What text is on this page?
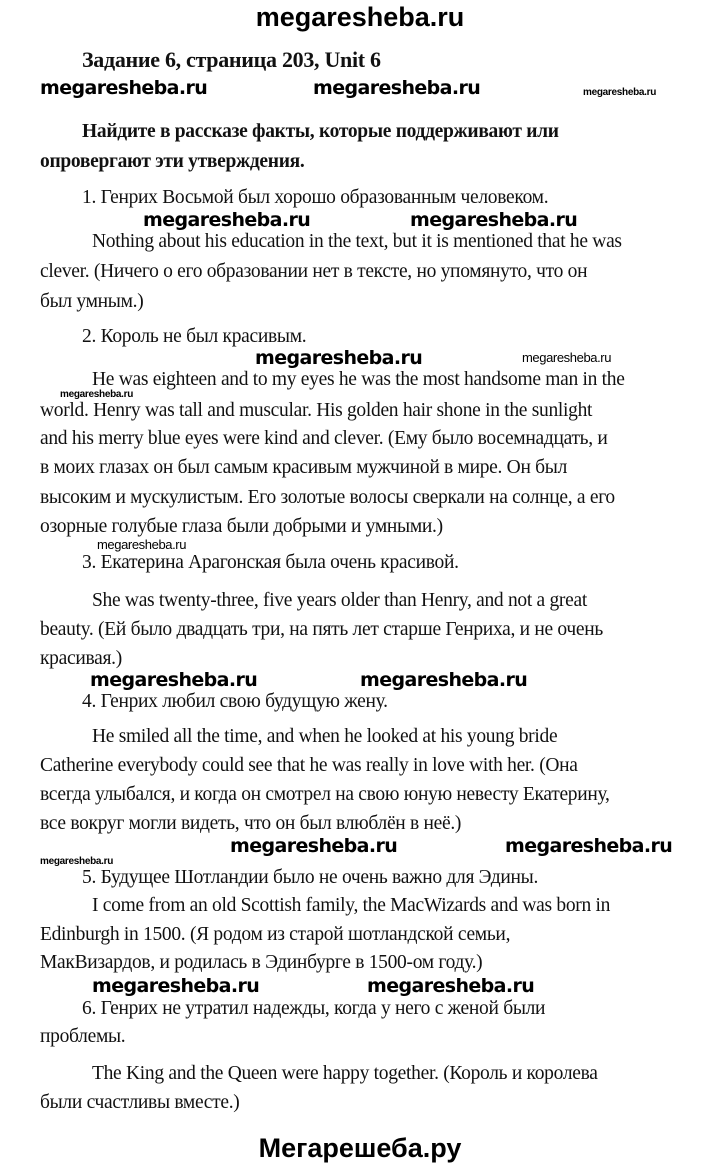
megaresheba.ru
Задание 6, страница 203, Unit 6
megaresheba.ru	megaresheba.ru	megaresheba.ru
Найдите в рассказе факты, которые поддерживают или
опровергают эти утверждения.
1. Генрих Восьмой был хорошо образованным человеком.
megaresheba.ru	megaresheba.ru
Nothing about his education in the text, but it is mentioned that he was
clever. (Ничего о его образовании нет в тексте, но упомянуто, что он
был умным.)
2. Король не был красивым.
megaresheba.ru	megaresheba.ru
He was eighteen and to my eyes he was the most handsome man in the
megaresheba.ru
world. Henry was tall and muscular. His golden hair shone in the sunlight
and his merry blue eyes were kind and clever. (Ему было восемнадцать, и
в моих глазах он был самым красивым мужчиной в мире. Он был
высоким и мускулистым. Его золотые волосы сверкали на солнце, а его
озорные голубые глаза были добрыми и умными.)
megaresheba.ru
3. Екатерина Арагонская была очень красивой.
She was twenty-three, five years older than Henry, and not a great
beauty. (Ей было двадцать три, на пять лет старше Генриха, и не очень
красивая.)
megaresheba.ru	megaresheba.ru
4. Генрих любил свою будущую жену.
He smiled all the time, and when he looked at his young bride
Catherine everybody could see that he was really in love with her. (Она
всегда улыбался, и когда он смотрел на свою юную невесту Екатерину,
все вокруг могли видеть, что он был влюблён в неё.)
megaresheba.ru	megaresheba.ru
megaresheba.ru
5. Будущее Шотландии было не очень важно для Эдины.
I come from an old Scottish family, the MacWizards and was born in
Edinburgh in 1500. (Я родом из старой шотландской семьи,
МакВизардов, и родилась в Эдинбурге в 1500-ом году.)
megaresheba.ru	megaresheba.ru
6. Генрих не утратил надежды, когда у него с женой были
проблемы.
The King and the Queen were happy together. (Король и королева
были счастливы вместе.)
Мегарешеба.ру
